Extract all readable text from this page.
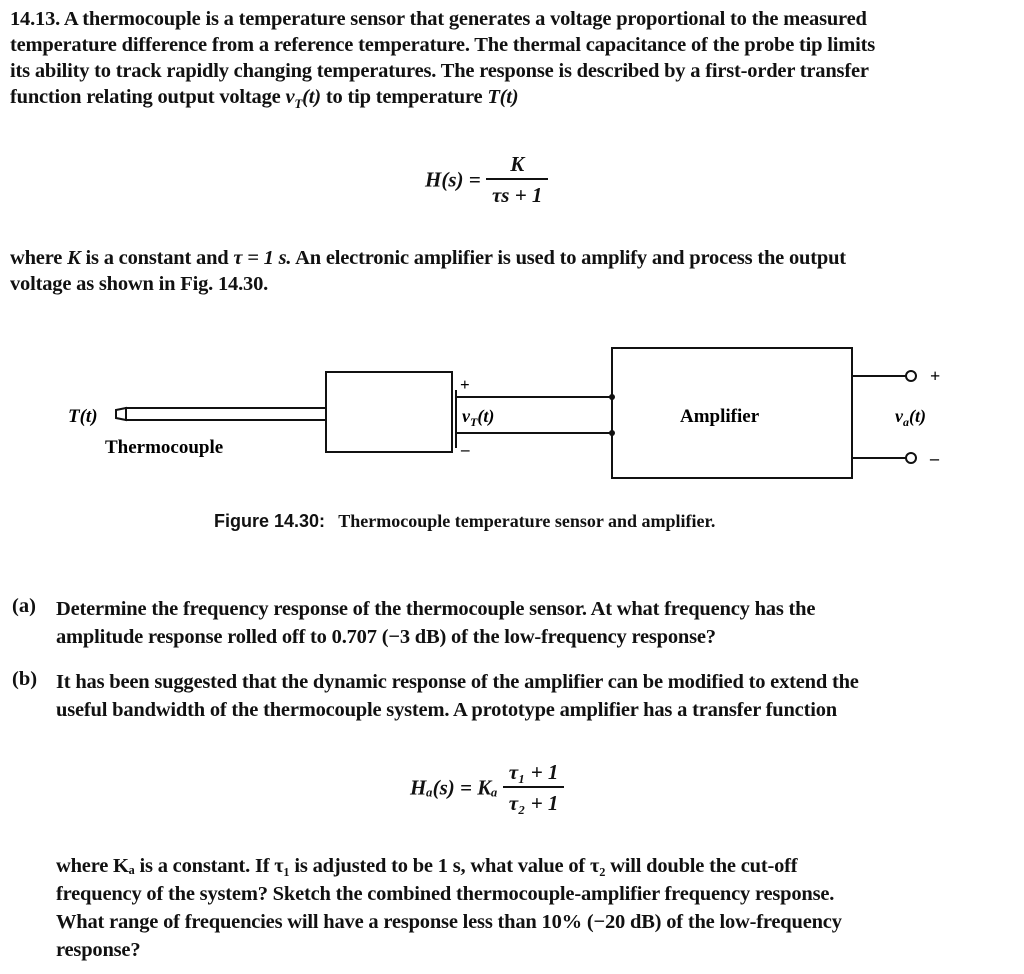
14.13. A thermocouple is a temperature sensor that generates a voltage proportional to the measured
temperature difference from a reference temperature. The thermal capacitance of the probe tip limits
its ability to track rapidly changing temperatures. The response is described by a first-order transfer
function relating output voltage $v_T(t)$ to tip temperature T(t)
$H(s) = \frac{K}{\tau s + 1}$
where K is a constant and τ = 1 s. An electronic amplifier is used to amplify and process the output
voltage as shown in Fig. 14.30.
T(t)
Thermocouple
+
–
$v_T(t)$	Amplifier
+
–
$v_a(t)$
Figure 14.30: Thermocouple temperature sensor and amplifier.
(a) Determine the frequency response of the thermocouple sensor. At what frequency has the
amplitude response rolled off to 0.707 (−3 dB) of the low-frequency response?
(b) It has been suggested that the dynamic response of the amplifier can be modified to extend the
useful bandwidth of the thermocouple system. A prototype amplifier has a transfer function
Hₐ(s) = Kₐ $\frac{\text{τ₁ + 1}}{\text{τ₂ + 1}}$
where Kₐ is a constant. If τ₁ is adjusted to be 1 s, what value of τ₂ will double the cut-off
frequency of the system? Sketch the combined thermocouple-amplifier frequency response.
What range of frequencies will have a response less than 10% (−20 dB) of the low-frequency
response?
